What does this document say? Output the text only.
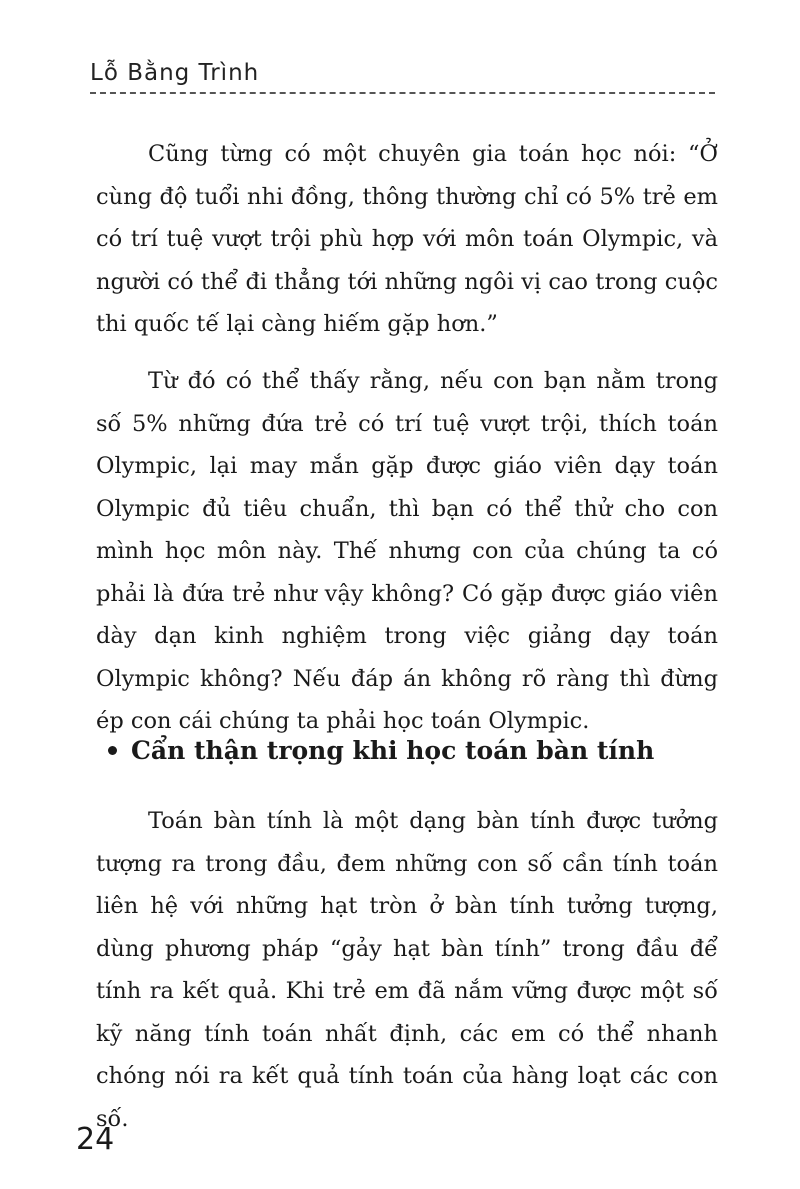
Lỗ Bằng Trình

Cũng từng có một chuyên gia toán học nói: “Ở cùng độ tuổi nhi đồng, thông thường chỉ có 5% trẻ em có trí tuệ vượt trội phù hợp với môn toán Olympic, và người có thể đi thẳng tới những ngôi vị cao trong cuộc thi quốc tế lại càng hiếm gặp hơn.”

Từ đó có thể thấy rằng, nếu con bạn nằm trong số 5% những đứa trẻ có trí tuệ vượt trội, thích toán Olympic, lại may mắn gặp được giáo viên dạy toán Olympic đủ tiêu chuẩn, thì bạn có thể thử cho con mình học môn này. Thế nhưng con của chúng ta có phải là đứa trẻ như vậy không? Có gặp được giáo viên dày dạn kinh nghiệm trong việc giảng dạy toán Olympic không? Nếu đáp án không rõ ràng thì đừng ép con cái chúng ta phải học toán Olympic.

Cẩn thận trọng khi học toán bàn tính

Toán bàn tính là một dạng bàn tính được tưởng tượng ra trong đầu, đem những con số cần tính toán liên hệ với những hạt tròn ở bàn tính tưởng tượng, dùng phương pháp “gảy hạt bàn tính” trong đầu để tính ra kết quả. Khi trẻ em đã nắm vững được một số kỹ năng tính toán nhất định, các em có thể nhanh chóng nói ra kết quả tính toán của hàng loạt các con số.

24
